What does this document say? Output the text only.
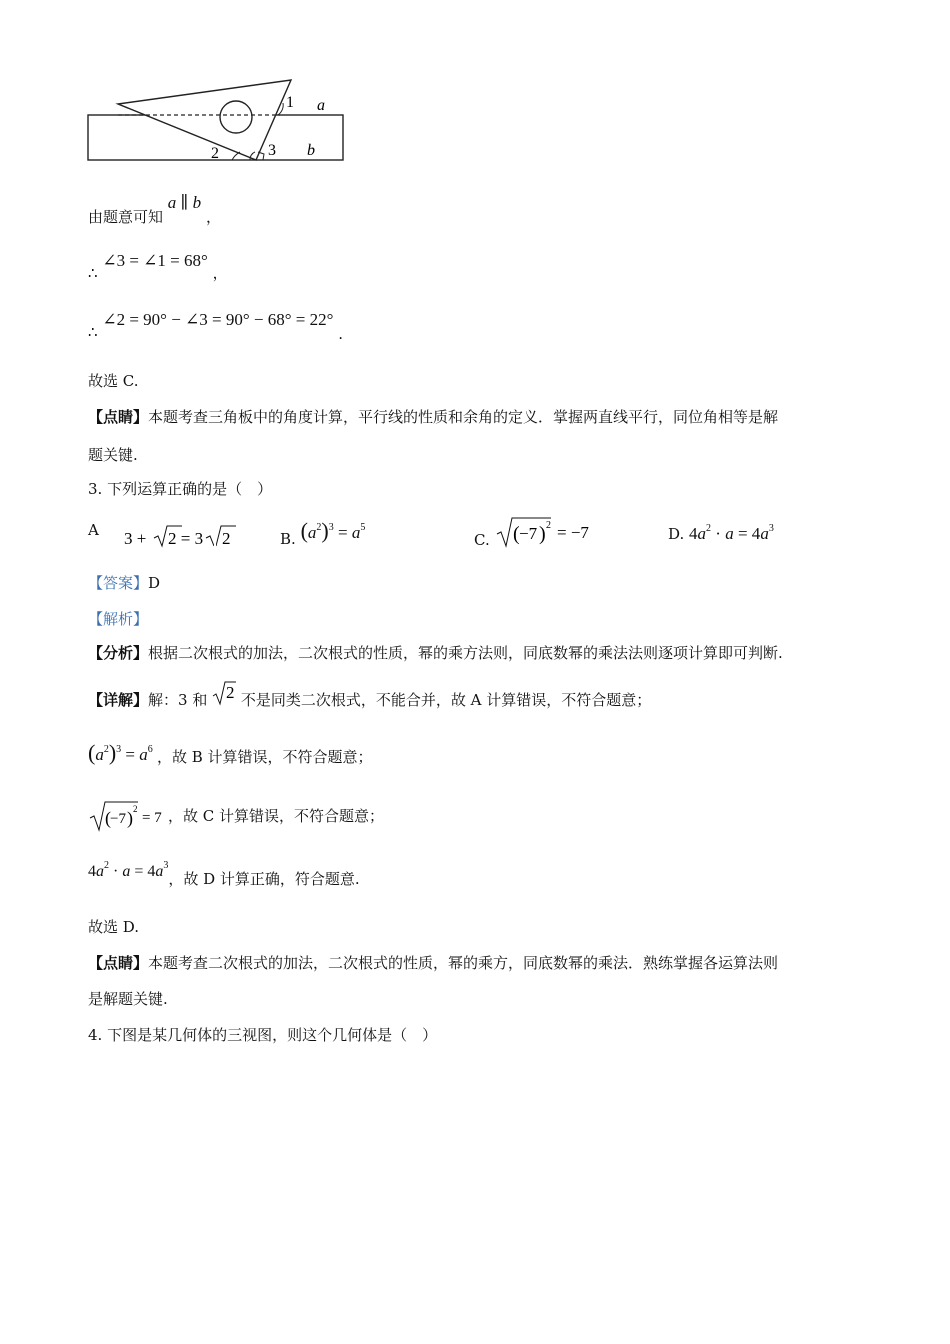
1 a
2	3 b
由题意可知 a ∥ b ，
∴ ∠3 = ∠1 = 68° ，
∴ ∠2 = 90° − ∠3 = 90° − 68° = 22° .
故选 C.
【点睛】本题考查三角板中的角度计算，平行线的性质和余角的定义．掌握两直线平行，同位角相等是解
题关键.
3. 下列运算正确的是（　）
A 3 + 2 = 3
2	B. $(a^2)^3 = a^5$
C. ( −7 ) 2 = −7	D. $4a^2 \cdot a = 4a^3$
【答案】D
【解析】
【分析】根据二次根式的加法，二次根式的性质，幂的乘方法则，同底数幂的乘法法则逐项计算即可判断.
【详解】解：3 和 2 不是同类二次根式，不能合并，故 A 计算错误，不符合题意；
$(a^2)^3 = a^6$ ，故 B 计算错误，不符合题意；
( −7 ) 2
= 7 ，故 C 计算错误，不符合题意；
$4a^2 \cdot a = 4a^3$，故 D 计算正确，符合题意.
故选 D.
【点睛】本题考查二次根式的加法，二次根式的性质，幂的乘方，同底数幂的乘法．熟练掌握各运算法则
是解题关键.
4. 下图是某几何体的三视图，则这个几何体是（　）
